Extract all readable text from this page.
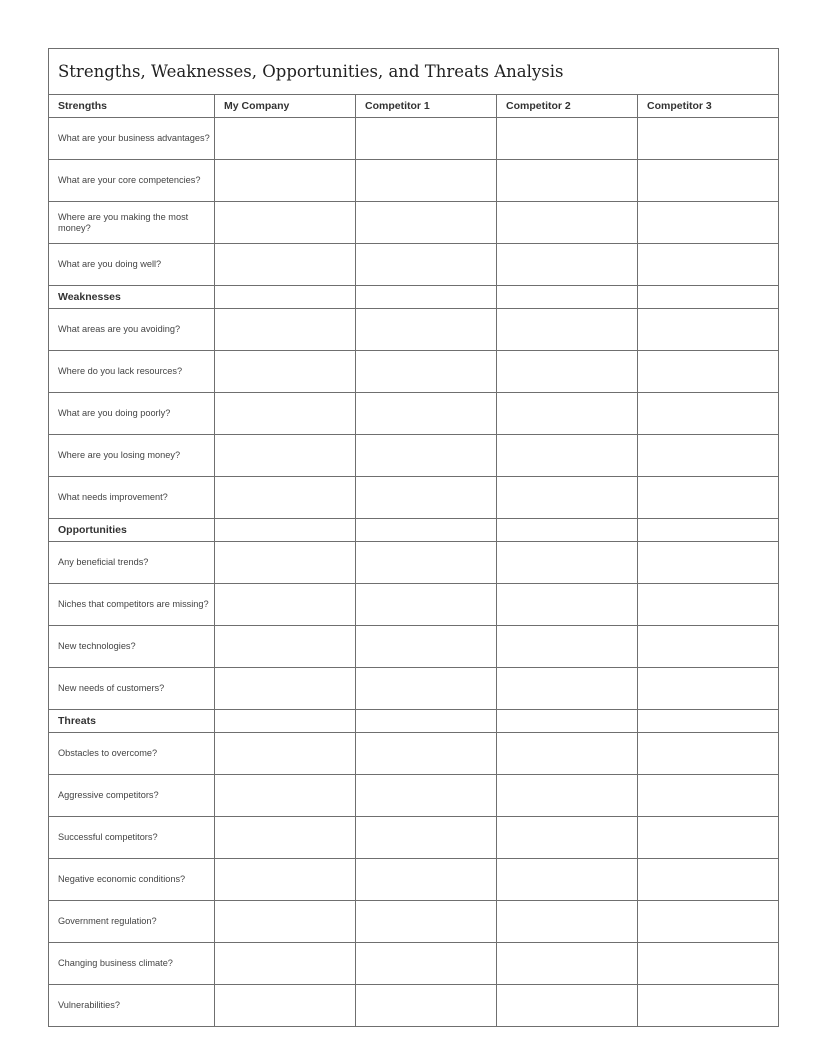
Strengths, Weaknesses, Opportunities, and Threats Analysis				
Strengths	My Company	Competitor 1	Competitor 2	Competitor 3
What are your business advantages?				
What are your core competencies?				
Where are you making the most money?				
What are you doing well?				
Weaknesses				
What areas are you avoiding?				
Where do you lack resources?				
What are you doing poorly?				
Where are you losing money?				
What needs improvement?				
Opportunities				
Any beneficial trends?				
Niches that competitors are missing?				
New technologies?				
New needs of customers?				
Threats				
Obstacles to overcome?				
Aggressive competitors?				
Successful competitors?				
Negative economic conditions?				
Government regulation?				
Changing business climate?				
Vulnerabilities?				
